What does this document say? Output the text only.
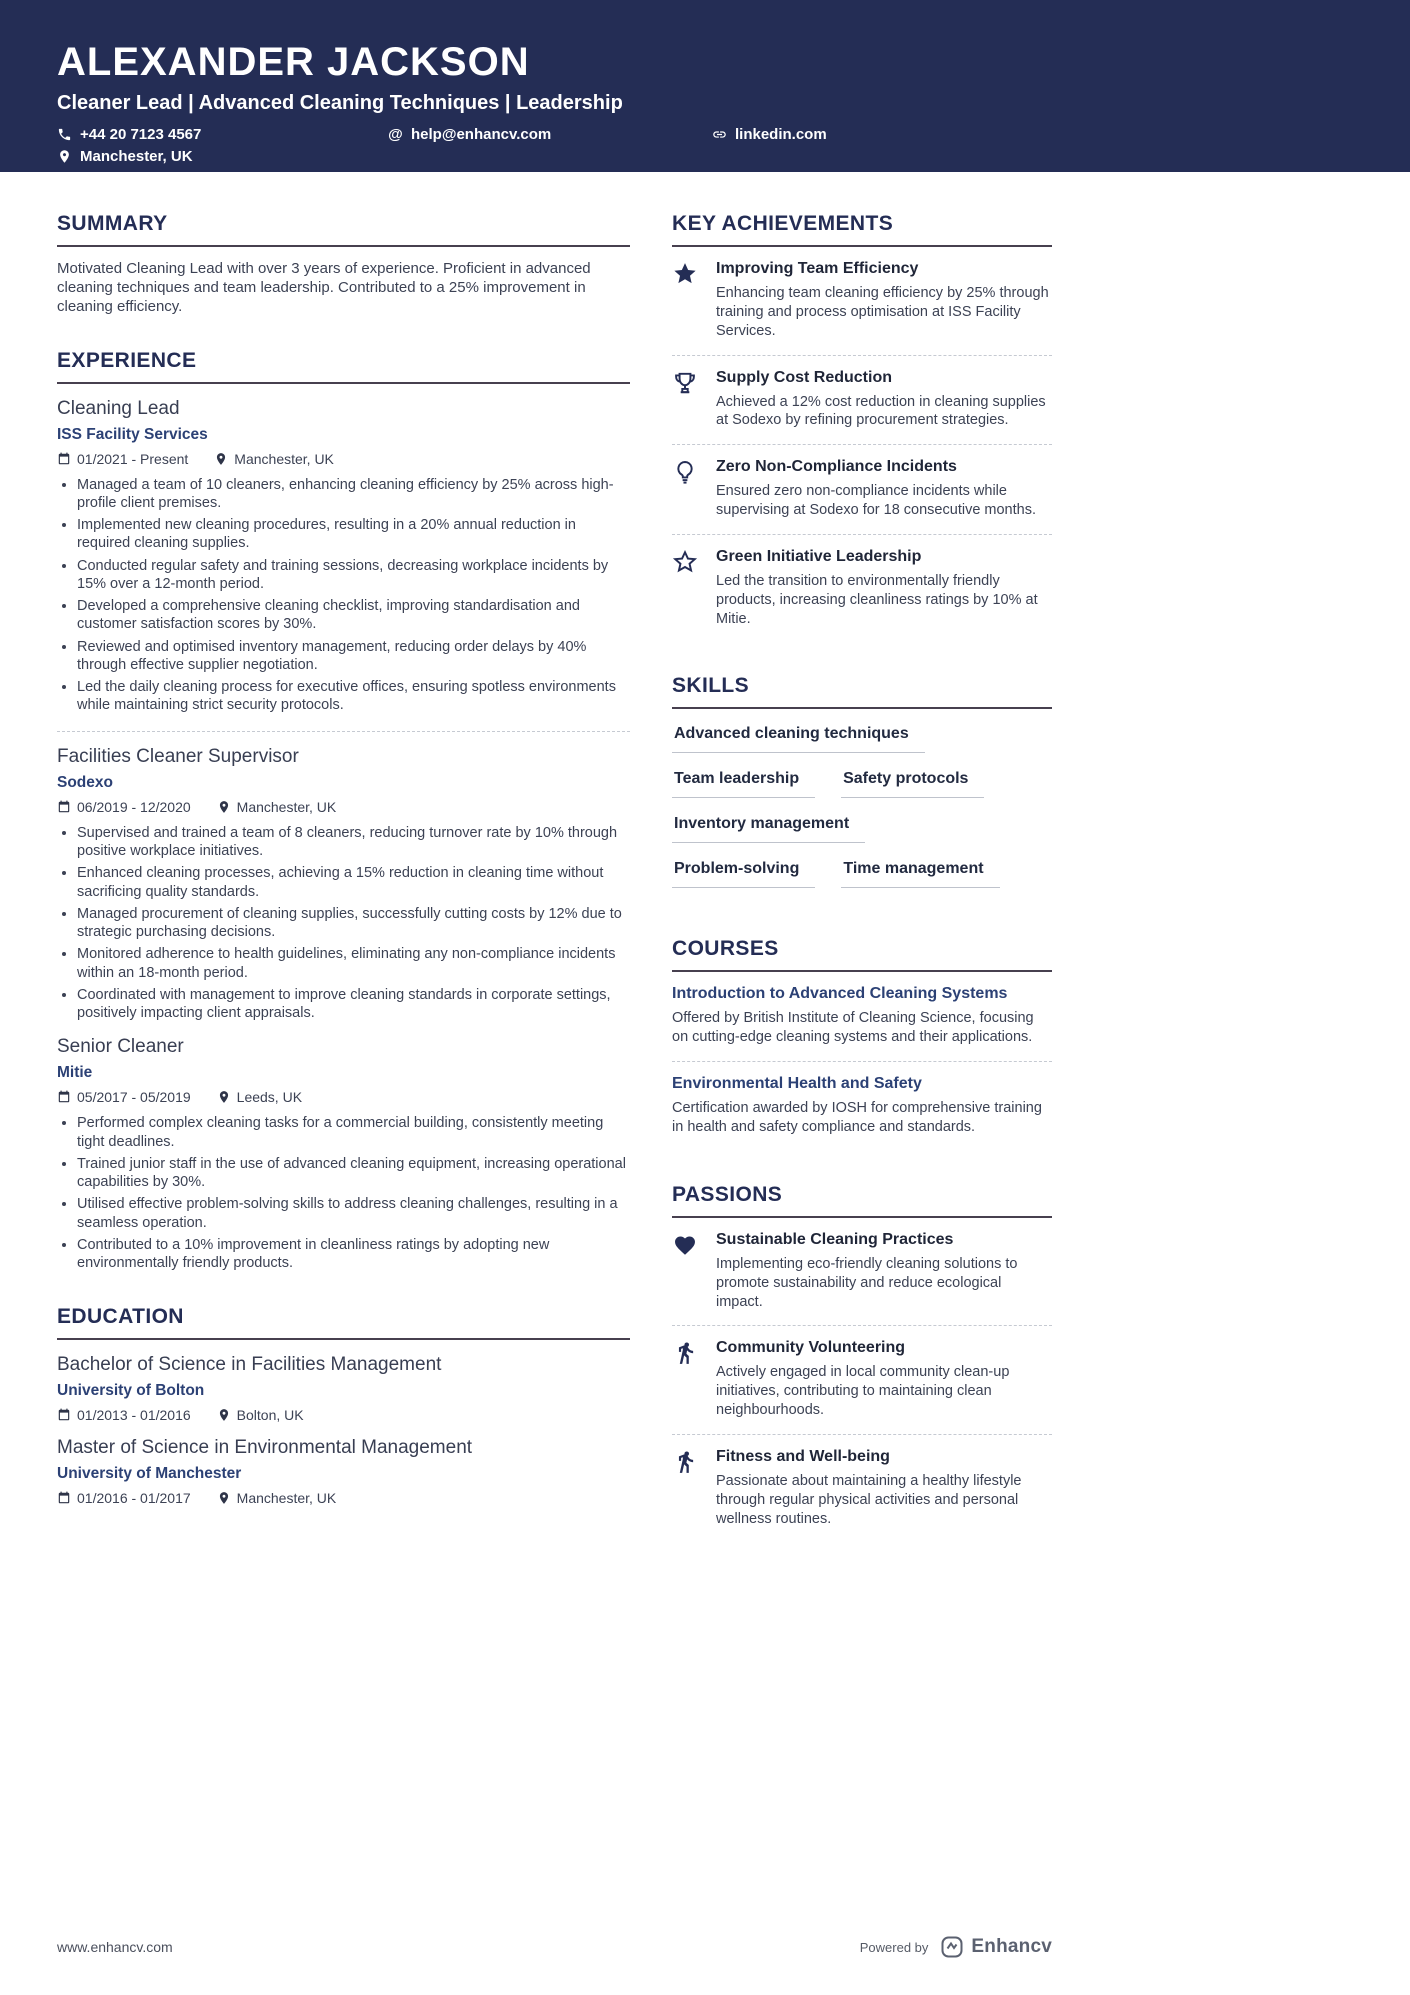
ALEXANDER JACKSON
Cleaner Lead | Advanced Cleaning Techniques | Leadership
+44 20 7123 4567	@ help@enhancv.com	linkedin.com
Manchester, UK
SUMMARY

Motivated Cleaning Lead with over 3 years of experience. Proficient in advanced cleaning techniques and team leadership. Contributed to a 25% improvement in cleaning efficiency.

EXPERIENCE
Cleaning Lead
ISS Facility Services
01/2021 - Present	Manchester, UK
• Managed a team of 10 cleaners, enhancing cleaning efficiency by 25% across high-profile client premises.
• Implemented new cleaning procedures, resulting in a 20% annual reduction in required cleaning supplies.
• Conducted regular safety and training sessions, decreasing workplace incidents by 15% over a 12-month period.
• Developed a comprehensive cleaning checklist, improving standardisation and customer satisfaction scores by 30%.
• Reviewed and optimised inventory management, reducing order delays by 40% through effective supplier negotiation.
• Led the daily cleaning process for executive offices, ensuring spotless environments while maintaining strict security protocols.
Facilities Cleaner Supervisor
Sodexo
06/2019 - 12/2020	Manchester, UK
• Supervised and trained a team of 8 cleaners, reducing turnover rate by 10% through positive workplace initiatives.
• Enhanced cleaning processes, achieving a 15% reduction in cleaning time without sacrificing quality standards.
• Managed procurement of cleaning supplies, successfully cutting costs by 12% due to strategic purchasing decisions.
• Monitored adherence to health guidelines, eliminating any non-compliance incidents within an 18-month period.
• Coordinated with management to improve cleaning standards in corporate settings, positively impacting client appraisals.
Senior Cleaner
Mitie
05/2017 - 05/2019	Leeds, UK
• Performed complex cleaning tasks for a commercial building, consistently meeting tight deadlines.
• Trained junior staff in the use of advanced cleaning equipment, increasing operational capabilities by 30%.
• Utilised effective problem-solving skills to address cleaning challenges, resulting in a seamless operation.
• Contributed to a 10% improvement in cleanliness ratings by adopting new environmentally friendly products.
EDUCATION
Bachelor of Science in Facilities Management
University of Bolton
01/2013 - 01/2016	Bolton, UK
Master of Science in Environmental Management
University of Manchester
01/2016 - 01/2017	Manchester, UK
KEY ACHIEVEMENTS
Improving Team Efficiency
Enhancing team cleaning efficiency by 25% through training and process optimisation at ISS Facility Services.
Supply Cost Reduction
Achieved a 12% cost reduction in cleaning supplies at Sodexo by refining procurement strategies.
Zero Non-Compliance Incidents
Ensured zero non-compliance incidents while supervising at Sodexo for 18 consecutive months.
Green Initiative Leadership
Led the transition to environmentally friendly products, increasing cleanliness ratings by 10% at Mitie.
SKILLS
Advanced cleaning techniques
Team leadership	Safety protocols
Inventory management
Problem-solving	Time management
COURSES
Introduction to Advanced Cleaning Systems
Offered by British Institute of Cleaning Science, focusing on cutting-edge cleaning systems and their applications.
Environmental Health and Safety
Certification awarded by IOSH for comprehensive training in health and safety compliance and standards.
PASSIONS
Sustainable Cleaning Practices
Implementing eco-friendly cleaning solutions to promote sustainability and reduce ecological impact.
Community Volunteering
Actively engaged in local community clean-up initiatives, contributing to maintaining clean neighbourhoods.
Fitness and Well-being
Passionate about maintaining a healthy lifestyle through regular physical activities and personal wellness routines.
www.enhancv.com	Powered by Enhancv
